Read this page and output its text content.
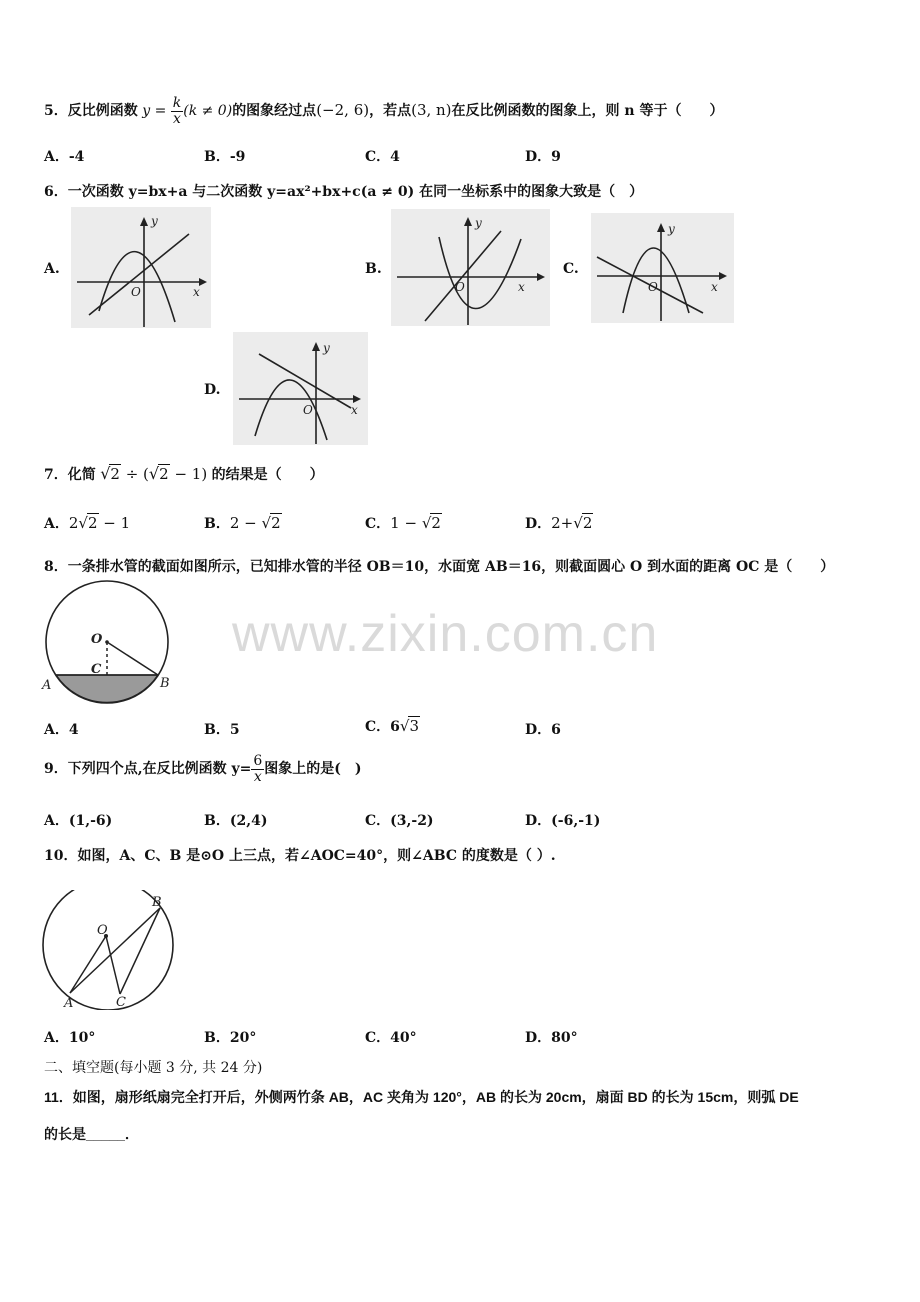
www.zixin.com.cn
5．反比例函数 $y = \frac{k}{x} (k \ne 0)$的图象经过点(−2, 6)，若点(3, n)在反比例函数的图象上，则 n 等于（　　）
A．-4	B．-9	C．4	D．9
6．一次函数 y=bx+a 与二次函数 y=ax²+bx+c(a ≠ 0) 在同一坐标系中的图象大致是（　）
A.
y
x
O
B.
y
x
O
C.
y
x
O
D.
y
x
O
7．化简 √2 ÷ (√2 − 1) 的结果是（　　）
A．2√2 − 1	B．2 − √2	C．1 − √2	D．2+√2
8．一条排水管的截面如图所示，已知排水管的半径 OB＝10，水面宽 AB＝16，则截面圆心 O 到水面的距离 OC 是（　　）
O
C
A	B
A．4	B．5	C．6√3	D．6
9．下列四个点,在反比例函数 $y= \frac{6}{x}$ 图象上的是(　)
A．(1,-6)	B．(2,4)	C．(3,-2)	D．(-6,-1)
10．如图，A、C、B 是⊙O 上三点，若∠AOC=40°，则∠ABC 的度数是（ ）.
O
A
B
C
A．10°	B．20°	C．40°	D．80°
二、填空题(每小题 3 分, 共 24 分)
11．如图，扇形纸扇完全打开后，外侧两竹条 AB，AC 夹角为 120°，AB 的长为 20cm，扇面 BD 的长为 15cm，则弧 DE
的长是_____．
